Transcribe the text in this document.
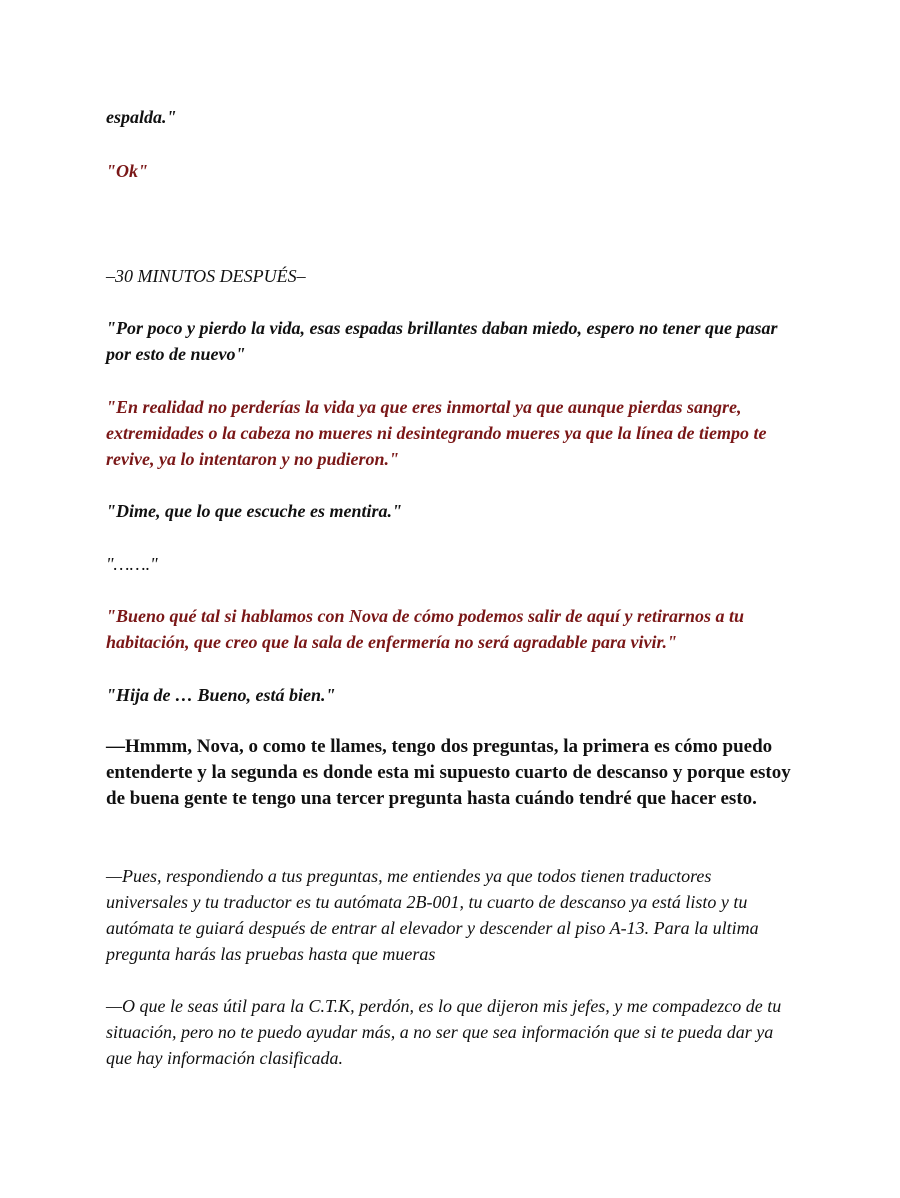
espalda."

"Ok"

–30 MINUTOS DESPUÉS–

"Por poco y pierdo la vida, esas espadas brillantes daban miedo, espero no tener que pasar por esto de nuevo"

"En realidad no perderías la vida ya que eres inmortal ya que aunque pierdas sangre, extremidades o la cabeza no mueres ni desintegrando mueres ya que la línea de tiempo te revive, ya lo intentaron y no pudieron."

"Dime, que lo que escuche es mentira."

"……."

"Bueno qué tal si hablamos con Nova de cómo podemos salir de aquí y retirarnos a tu habitación, que creo que la sala de enfermería no será agradable para vivir."

"Hija de … Bueno, está bien."

—Hmmm, Nova, o como te llames, tengo dos preguntas, la primera es cómo puedo entenderte y la segunda es donde esta mi supuesto cuarto de descanso y porque estoy de buena gente te tengo una tercer pregunta hasta cuándo tendré que hacer esto.

—Pues, respondiendo a tus preguntas, me entiendes ya que todos tienen traductores universales y tu traductor es tu autómata 2B-001, tu cuarto de descanso ya está listo y tu autómata te guiará después de entrar al elevador y descender al piso A-13. Para la ultima pregunta harás las pruebas hasta que mueras

—O que le seas útil para la C.T.K, perdón, es lo que dijeron mis jefes, y me compadezco de tu situación, pero no te puedo ayudar más, a no ser que sea información que si te pueda dar ya que hay información clasificada.
